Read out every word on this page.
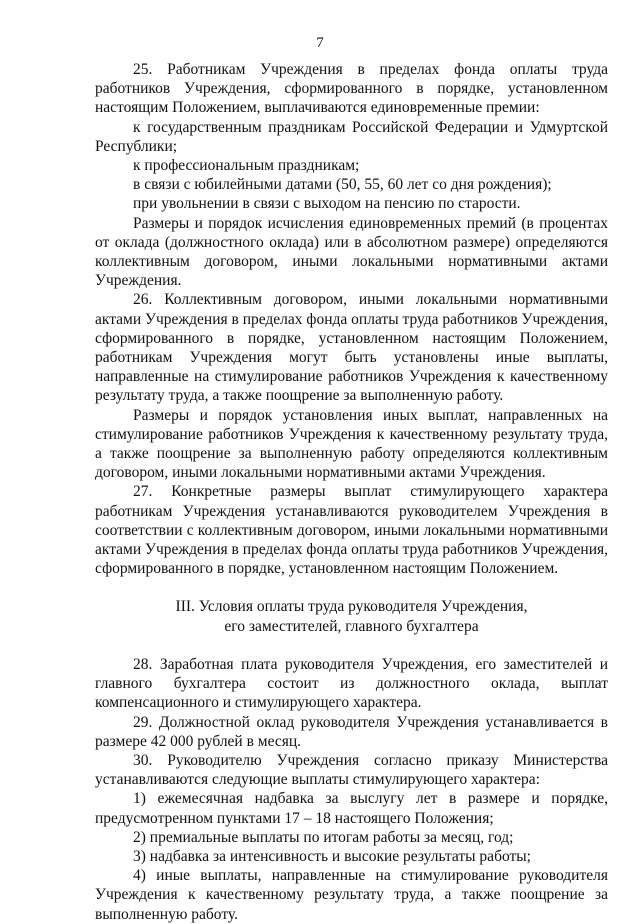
7

25. Работникам Учреждения в пределах фонда оплаты труда работников Учреждения, сформированного в порядке, установленном настоящим Положением, выплачиваются единовременные премии:

к государственным праздникам Российской Федерации и Удмуртской Республики;

к профессиональным праздникам;

в связи с юбилейными датами (50, 55, 60 лет со дня рождения);

при увольнении в связи с выходом на пенсию по старости.

Размеры и порядок исчисления единовременных премий (в процентах от оклада (должностного оклада) или в абсолютном размере) определяются коллективным договором, иными локальными нормативными актами Учреждения.

26. Коллективным договором, иными локальными нормативными актами Учреждения в пределах фонда оплаты труда работников Учреждения, сформированного в порядке, установленном настоящим Положением, работникам Учреждения могут быть установлены иные выплаты, направленные на стимулирование работников Учреждения к качественному результату труда, а также поощрение за выполненную работу.

Размеры и порядок установления иных выплат, направленных на стимулирование работников Учреждения к качественному результату труда, а также поощрение за выполненную работу определяются коллективным договором, иными локальными нормативными актами Учреждения.

27. Конкретные размеры выплат стимулирующего характера работникам Учреждения устанавливаются руководителем Учреждения в соответствии с коллективным договором, иными локальными нормативными актами Учреждения в пределах фонда оплаты труда работников Учреждения, сформированного в порядке, установленном настоящим Положением.

III. Условия оплаты труда руководителя Учреждения,
его заместителей, главного бухгалтера

28. Заработная плата руководителя Учреждения, его заместителей и главного бухгалтера состоит из должностного оклада, выплат компенсационного и стимулирующего характера.

29. Должностной оклад руководителя Учреждения устанавливается в размере 42 000 рублей в месяц.

30. Руководителю Учреждения согласно приказу Министерства устанавливаются следующие выплаты стимулирующего характера:

1) ежемесячная надбавка за выслугу лет в размере и порядке, предусмотренном пунктами 17 – 18 настоящего Положения;

2) премиальные выплаты по итогам работы за месяц, год;

3) надбавка за интенсивность и высокие результаты работы;

4) иные выплаты, направленные на стимулирование руководителя Учреждения к качественному результату труда, а также поощрение за выполненную работу.
